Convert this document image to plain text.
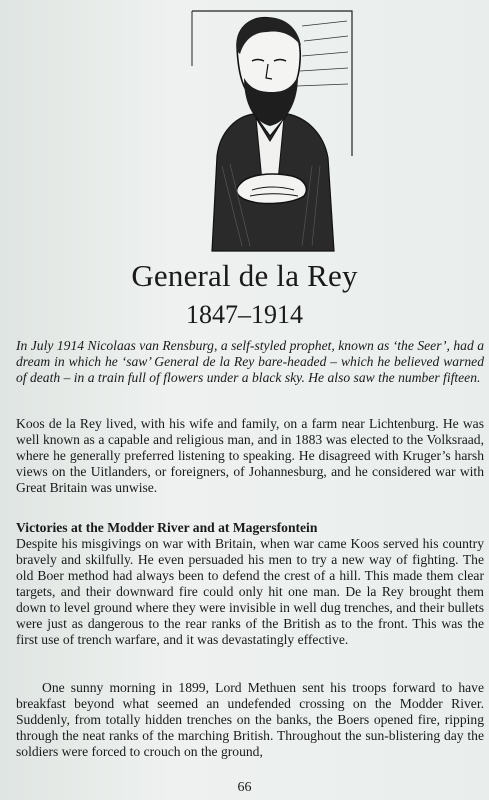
General de la Rey
1847–1914

In July 1914 Nicolaas van Rensburg, a self-styled prophet, known as ‘the Seer’, had a dream in which he ‘saw’ General de la Rey bare-headed – which he believed warned of death – in a train full of flowers under a black sky. He also saw the number fifteen.

Koos de la Rey lived, with his wife and family, on a farm near Lichtenburg. He was well known as a capable and religious man, and in 1883 was elected to the Volksraad, where he generally preferred listening to speaking. He disagreed with Kruger’s harsh views on the Uitlanders, or foreigners, of Johannesburg, and he considered war with Great Britain was unwise.

Victories at the Modder River and at Magersfontein

Despite his misgivings on war with Britain, when war came Koos served his country bravely and skilfully. He even persuaded his men to try a new way of fighting. The old Boer method had always been to defend the crest of a hill. This made them clear targets, and their downward fire could only hit one man. De la Rey brought them down to level ground where they were invisible in well dug trenches, and their bullets were just as dangerous to the rear ranks of the British as to the front. This was the first use of trench warfare, and it was devastatingly effective.

One sunny morning in 1899, Lord Methuen sent his troops forward to have breakfast beyond what seemed an undefended crossing on the Modder River. Suddenly, from totally hidden trenches on the banks, the Boers opened fire, ripping through the neat ranks of the marching British. Throughout the sun-blistering day the soldiers were forced to crouch on the ground,

66
